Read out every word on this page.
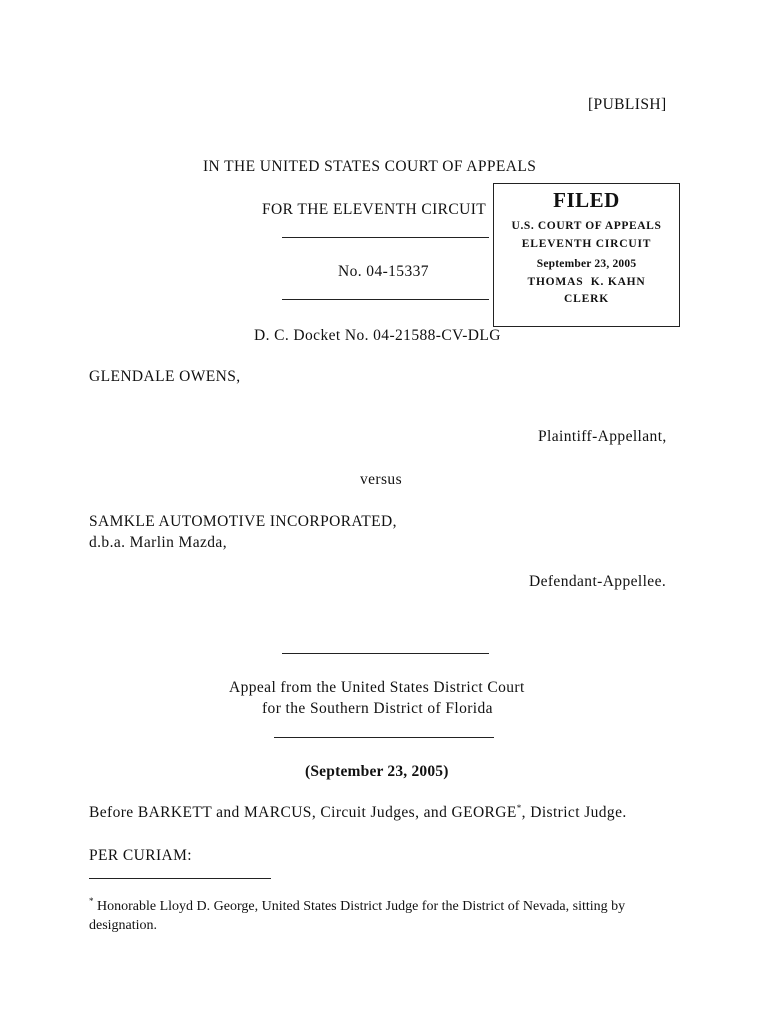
[PUBLISH]
IN THE UNITED STATES COURT OF APPEALS
FOR THE ELEVENTH CIRCUIT
No. 04-15337
D. C. Docket No. 04-21588-CV-DLG
FILED
U.S. COURT OF APPEALS
ELEVENTH CIRCUIT
September 23, 2005
THOMAS  K. KAHN
CLERK
GLENDALE OWENS,
Plaintiff-Appellant,
versus
SAMKLE AUTOMOTIVE INCORPORATED,
d.b.a. Marlin Mazda,
Defendant-Appellee.
Appeal from the United States District Court
for the Southern District of Florida
(September 23, 2005)
Before BARKETT and MARCUS, Circuit Judges, and GEORGE*, District Judge.
PER CURIAM:
* Honorable Lloyd D. George, United States District Judge for the District of Nevada, sitting by designation.
